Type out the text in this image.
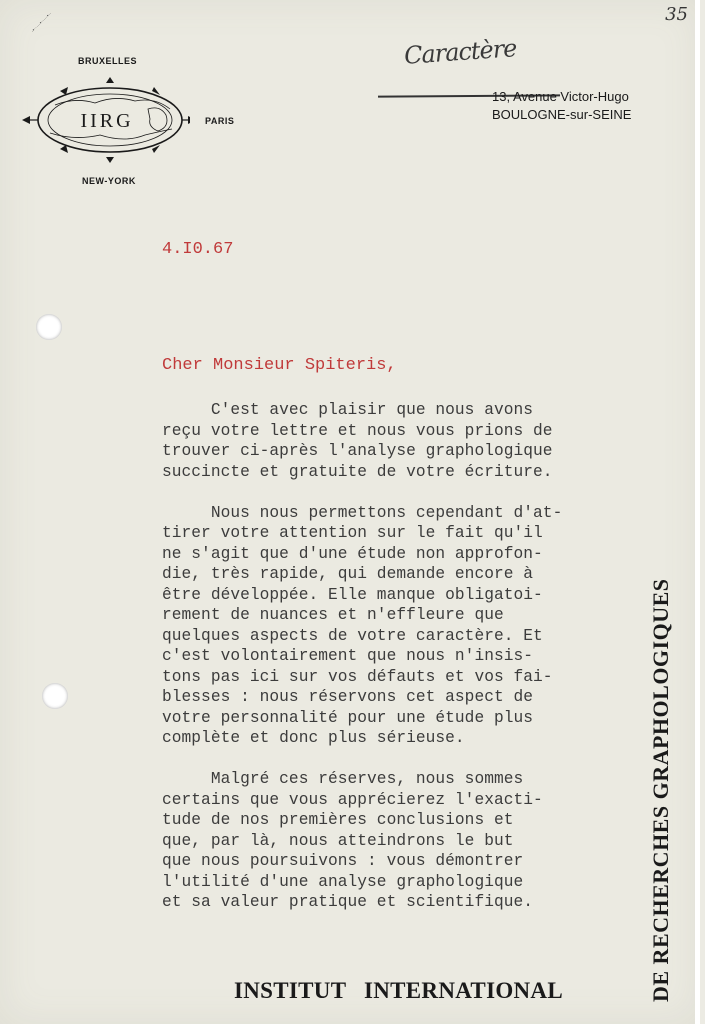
35
·•·····•·····•··
BRUXELLES
IIRG	PARIS
NEW-YORK
Caractère
13, Avenue Victor-Hugo
BOULOGNE-sur-SEINE
4.I0.67
Cher Monsieur Spiteris,
C'est avec plaisir que nous avons
reçu votre lettre et nous vous prions de
trouver ci-après l'analyse graphologique
succincte et gratuite de votre écriture.
Nous nous permettons cependant d'at-
tirer votre attention sur le fait qu'il
ne s'agit que d'une étude non approfon-
die, très rapide, qui demande encore à
être développée. Elle manque obligatoi-
rement de nuances et n'effleure que
quelques aspects de votre caractère. Et
c'est volontairement que nous n'insis-
tons pas ici sur vos défauts et vos fai-
blesses : nous réservons cet aspect de
votre personnalité pour une étude plus
complète et donc plus sérieuse.
Malgré ces réserves, nous sommes
certains que vous apprécierez l'exacti-
tude de nos premières conclusions et
que, par là, nous atteindrons le but
que nous poursuivons : vous démontrer
l'utilité d'une analyse graphologique
et sa valeur pratique et scientifique.	DE RECHERCHES GRAPHOLOGIQUES
INSTITUT INTERNATIONAL
